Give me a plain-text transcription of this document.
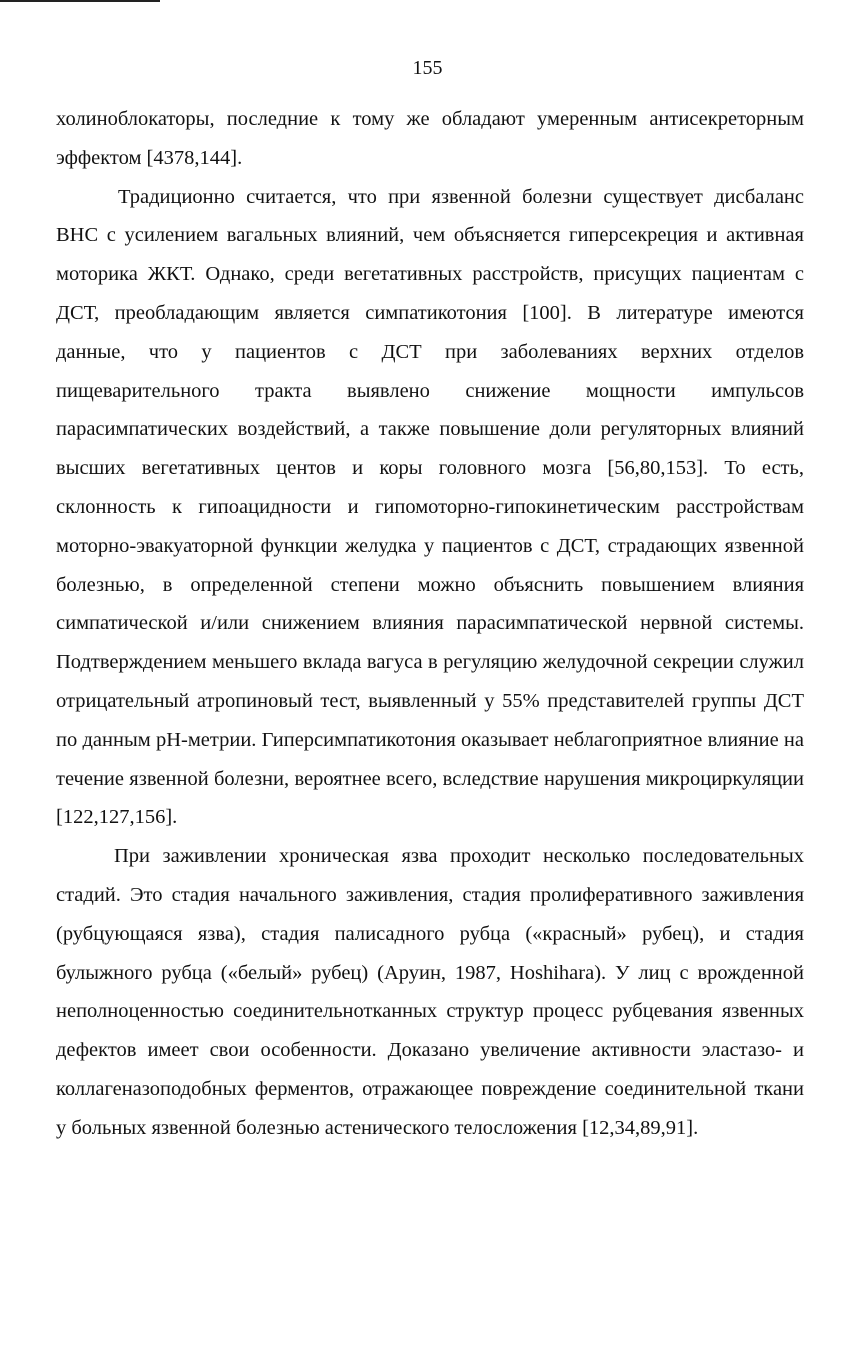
155

холиноблокаторы, последние к тому же обладают умеренным антисекреторным эффектом [4378,144].

Традиционно считается, что при язвенной болезни существует дисбаланс ВНС с усилением вагальных влияний, чем объясняется гиперсекреция и активная моторика ЖКТ. Однако, среди вегетативных расстройств, присущих пациентам с ДСТ, преобладающим является симпатикотония [100]. В литературе имеются данные, что у пациентов с ДСТ при заболеваниях верхних отделов пищеварительного тракта выявлено снижение мощности импульсов парасимпатических воздействий, а также повышение доли регуляторных влияний высших вегетативных центов и коры головного мозга [56,80,153]. То есть, склонность к гипоацидности и гипомоторно-гипокинетическим расстройствам моторно-эвакуаторной функции желудка у пациентов с ДСТ, страдающих язвенной болезнью, в определенной степени можно объяснить повышением влияния симпатической и/или снижением влияния парасимпатической нервной системы. Подтверждением меньшего вклада вагуса в регуляцию желудочной секреции служил отрицательный атропиновый тест, выявленный у 55% представителей группы ДСТ по данным pH-метрии. Гиперсимпатикотония оказывает неблагоприятное влияние на течение язвенной болезни, вероятнее всего, вследствие нарушения микроциркуляции [122,127,156].

При заживлении хроническая язва проходит несколько последовательных стадий. Это стадия начального заживления, стадия пролиферативного заживления (рубцующаяся язва), стадия палисадного рубца («красный» рубец), и стадия булыжного рубца («белый» рубец) (Аруин, 1987, Hoshihara). У лиц с врожденной неполноценностью соединительнотканных структур процесс рубцевания язвенных дефектов имеет свои особенности. Доказано увеличение активности эластазо- и коллагеназоподобных ферментов, отражающее повреждение соединительной ткани у больных язвенной болезнью астенического телосложения [12,34,89,91].
